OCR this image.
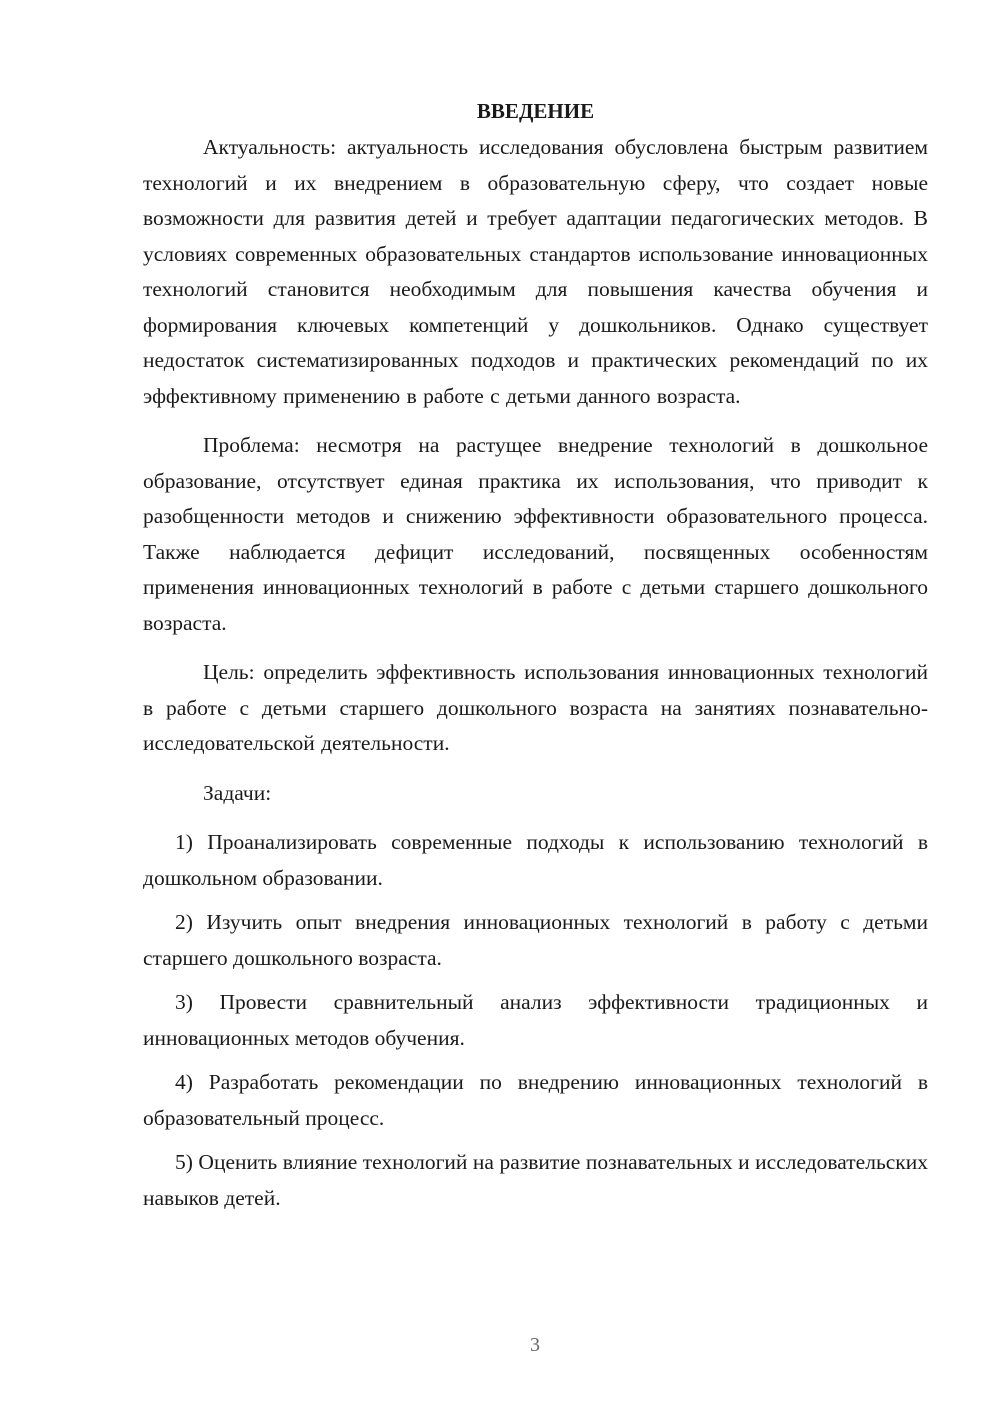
ВВЕДЕНИЕ

Актуальность: актуальность исследования обусловлена быстрым развитием технологий и их внедрением в образовательную сферу, что создает новые возможности для развития детей и требует адаптации педагогических методов. В условиях современных образовательных стандартов использование инновационных технологий становится необходимым для повышения качества обучения и формирования ключевых компетенций у дошкольников. Однако существует недостаток систематизированных подходов и практических рекомендаций по их эффективному применению в работе с детьми данного возраста.

Проблема: несмотря на растущее внедрение технологий в дошкольное образование, отсутствует единая практика их использования, что приводит к разобщенности методов и снижению эффективности образовательного процесса. Также наблюдается дефицит исследований, посвященных особенностям применения инновационных технологий в работе с детьми старшего дошкольного возраста.

Цель: определить эффективность использования инновационных технологий в работе с детьми старшего дошкольного возраста на занятиях познавательно-исследовательской деятельности.

Задачи:

1) Проанализировать современные подходы к использованию технологий в дошкольном образовании.
2) Изучить опыт внедрения инновационных технологий в работу с детьми старшего дошкольного возраста.
3) Провести сравнительный анализ эффективности традиционных и инновационных методов обучения.
4) Разработать рекомендации по внедрению инновационных технологий в образовательный процесс.
5) Оценить влияние технологий на развитие познавательных и исследовательских навыков детей.
3
